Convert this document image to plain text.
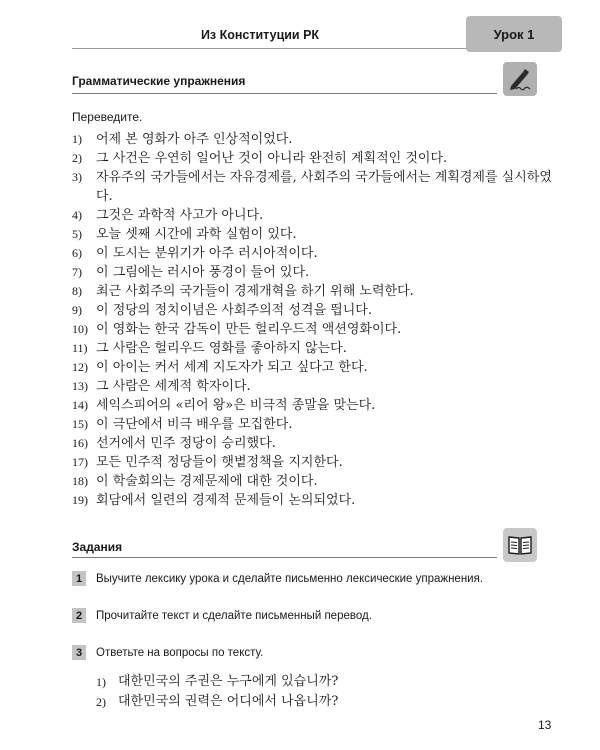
Из Конституции РК	Урок 1
Грамматические упражнения
Переведите.
1)	어제 본 영화가 아주 인상적이었다.
2)	그 사건은 우연히 일어난 것이 아니라 완전히 계획적인 것이다.
3)	자유주의 국가들에서는 자유경제를, 사회주의 국가들에서는 계획경제를 실시하였다.
4)	그것은 과학적 사고가 아니다.
5)	오늘 셋째 시간에 과학 실험이 있다.
6)	이 도시는 분위기가 아주 러시아적이다.
7)	이 그림에는 러시아 풍경이 들어 있다.
8)	최근 사회주의 국가들이 경제개혁을 하기 위해 노력한다.
9)	이 정당의 정치이념은 사회주의적 성격을 띕니다.
10) 이 영화는 한국 감독이 만든 헐리우드적 액션영화이다.
11) 그 사람은 헐리우드 영화를 좋아하지 않는다.
12) 이 아이는 커서 세계 지도자가 되고 싶다고 한다.
13) 그 사람은 세계적 학자이다.
14) 세익스피어의 «리어 왕»은 비극적 종말을 맞는다.
15) 이 극단에서 비극 배우를 모집한다.
16) 선거에서 민주 정당이 승리했다.
17) 모든 민주적 정당들이 햇볕정책을 지지한다.
18) 이 학술회의는 경제문제에 대한 것이다.
19) 회담에서 일련의 경제적 문제들이 논의되었다.
Задания
1	Выучите лексику урока и сделайте письменно лексические упражнения.
2	Прочитайте текст и сделайте письменный перевод.
3	Ответьте на вопросы по тексту.
1) 대한민국의 주권은 누구에게 있습니까?
2) 대한민국의 권력은 어디에서 나옵니까?
13
